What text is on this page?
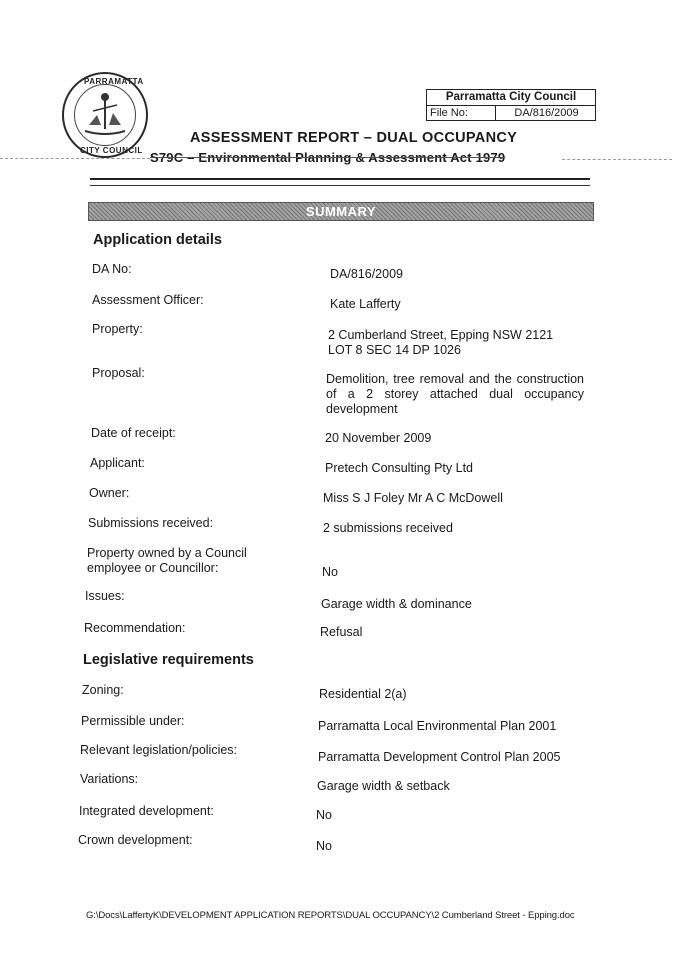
PARRAMATTA
CITY COUNCIL
Parramatta City Council
File No:	DA/816/2009
ASSESSMENT REPORT – DUAL OCCUPANCY
S79C – Environmental Planning & Assessment Act 1979
SUMMARY
Application details
DA No:	DA/816/2009
Assessment Officer:	Kate Lafferty
Property:	2 Cumberland Street, Epping NSW 2121
LOT 8 SEC 14 DP 1026
Proposal:	Demolition, tree removal and the construction of a 2 storey attached dual occupancy development
Date of receipt:	20 November 2009
Applicant:	Pretech Consulting Pty Ltd
Owner:	Miss S J Foley Mr A C McDowell
Submissions received:	2 submissions received
Property owned by a Council
employee or Councillor:	No
Issues:
Garage width & dominance
Recommendation:	Refusal
Legislative requirements
Zoning:	Residential 2(a)
Permissible under:	Parramatta Local Environmental Plan 2001
Relevant legislation/policies:	Parramatta Development Control Plan 2005
Variations:	Garage width & setback
Integrated development:	No
Crown development:	No
G:\Docs\LaffertyK\DEVELOPMENT APPLICATION REPORTS\DUAL OCCUPANCY\2 Cumberland Street - Epping.doc
